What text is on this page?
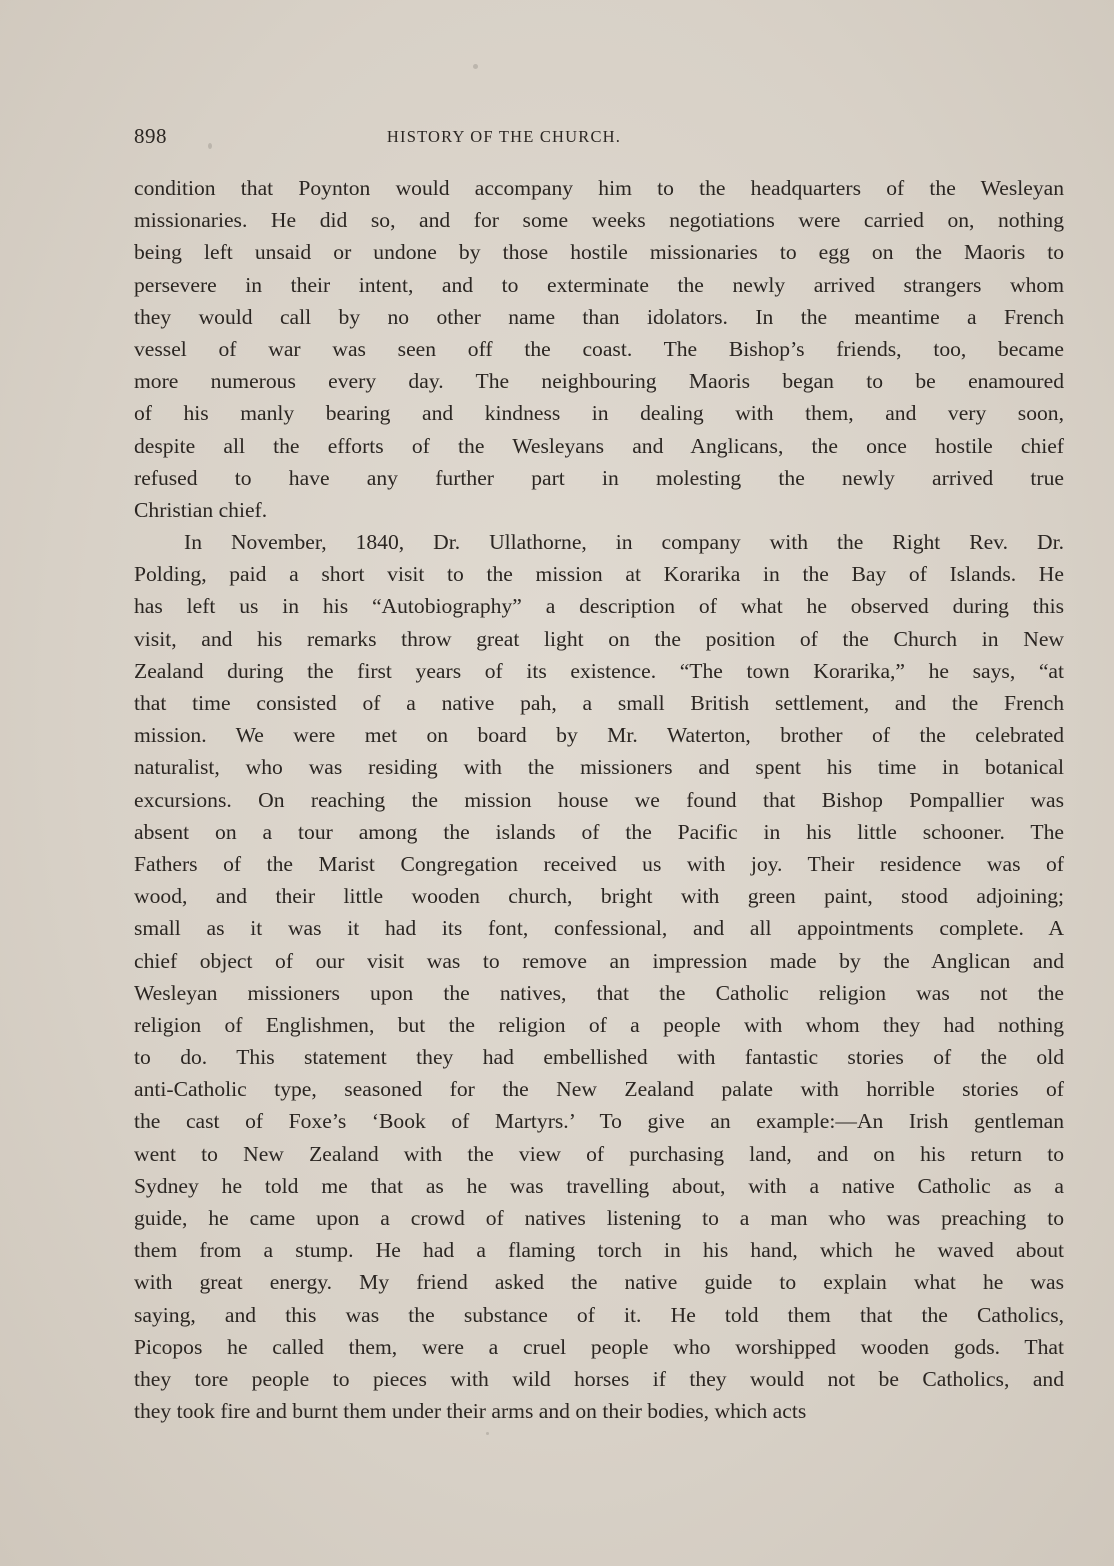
898	HISTORY OF THE CHURCH.
condition that Poynton would accompany him to the headquarters of the Wesleyan
missionaries. He did so, and for some weeks negotiations were carried on, nothing
being left unsaid or undone by those hostile missionaries to egg on the Maoris to
persevere in their intent, and to exterminate the newly arrived strangers whom
they would call by no other name than idolators. In the meantime a French
vessel of war was seen off the coast. The Bishop’s friends, too, became
more numerous every day. The neighbouring Maoris began to be enamoured
of his manly bearing and kindness in dealing with them, and very soon,
despite all the efforts of the Wesleyans and Anglicans, the once hostile chief
refused to have any further part in molesting the newly arrived true
Christian chief.
In November, 1840, Dr. Ullathorne, in company with the Right Rev. Dr.
Polding, paid a short visit to the mission at Korarika in the Bay of Islands. He
has left us in his “Autobiography” a description of what he observed during this
visit, and his remarks throw great light on the position of the Church in New
Zealand during the first years of its existence. “The town Korarika,” he says, “at
that time consisted of a native pah, a small British settlement, and the French
mission. We were met on board by Mr. Waterton, brother of the celebrated
naturalist, who was residing with the missioners and spent his time in botanical
excursions. On reaching the mission house we found that Bishop Pompallier was
absent on a tour among the islands of the Pacific in his little schooner. The
Fathers of the Marist Congregation received us with joy. Their residence was of
wood, and their little wooden church, bright with green paint, stood adjoining;
small as it was it had its font, confessional, and all appointments complete. A
chief object of our visit was to remove an impression made by the Anglican and
Wesleyan missioners upon the natives, that the Catholic religion was not the
religion of Englishmen, but the religion of a people with whom they had nothing
to do. This statement they had embellished with fantastic stories of the old
anti-Catholic type, seasoned for the New Zealand palate with horrible stories of
the cast of Foxe’s ‘Book of Martyrs.’ To give an example:—An Irish gentleman
went to New Zealand with the view of purchasing land, and on his return to
Sydney he told me that as he was travelling about, with a native Catholic as a
guide, he came upon a crowd of natives listening to a man who was preaching to
them from a stump. He had a flaming torch in his hand, which he waved about
with great energy. My friend asked the native guide to explain what he was
saying, and this was the substance of it. He told them that the Catholics,
Picopos he called them, were a cruel people who worshipped wooden gods. That
they tore people to pieces with wild horses if they would not be Catholics, and
they took fire and burnt them under their arms and on their bodies, which acts
